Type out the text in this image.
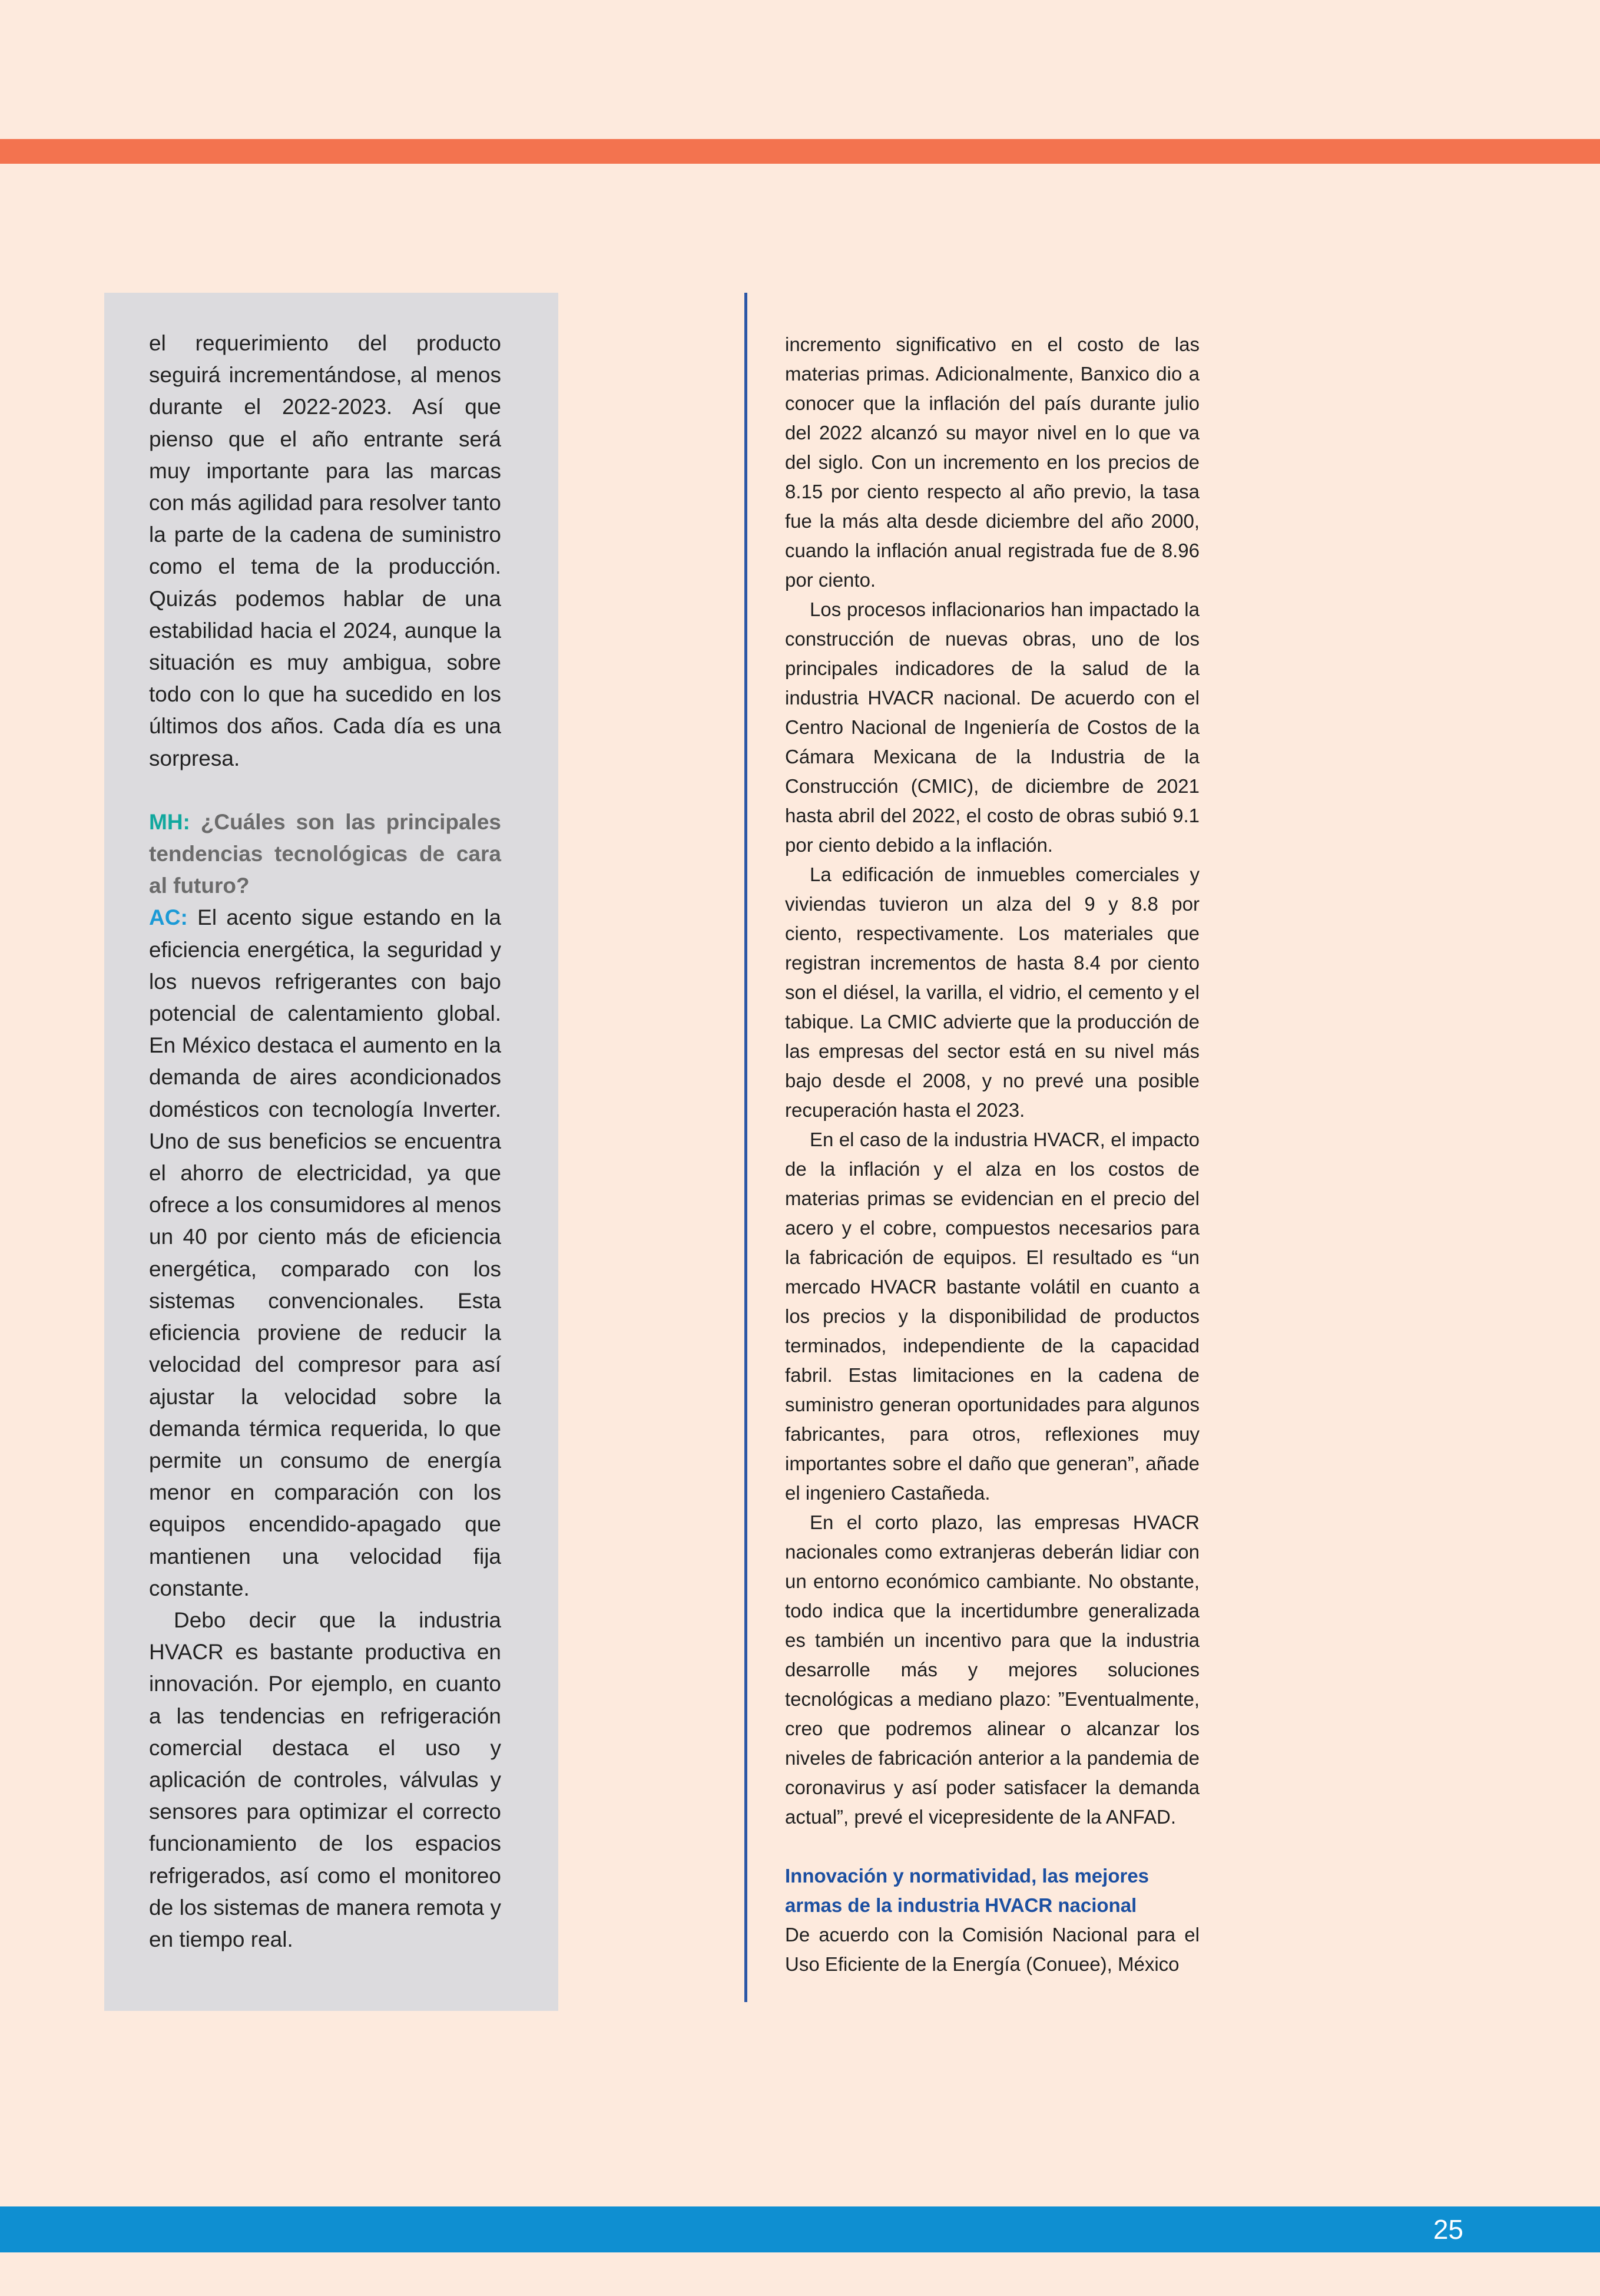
el requerimiento del producto seguirá incrementándose, al menos durante el 2022-2023. Así que pienso que el año entrante será muy importante para las marcas con más agilidad para resolver tanto la parte de la cadena de suministro como el tema de la producción. Quizás podemos hablar de una estabilidad hacia el 2024, aunque la situación es muy ambigua, sobre todo con lo que ha sucedido en los últimos dos años. Cada día es una sorpresa.

MH: ¿Cuáles son las principales tendencias tecnológicas de cara al futuro?

AC: El acento sigue estando en la eficiencia energética, la seguridad y los nuevos refrigerantes con bajo potencial de calentamiento global. En México destaca el aumento en la demanda de aires acondicionados domésticos con tecnología Inverter. Uno de sus beneficios se encuentra el ahorro de electricidad, ya que ofrece a los consumidores al menos un 40 por ciento más de eficiencia energética, comparado con los sistemas convencionales. Esta eficiencia proviene de reducir la velocidad del compresor para así ajustar la velocidad sobre la demanda térmica requerida, lo que permite un consumo de energía menor en comparación con los equipos encendido-apagado que mantienen una velocidad fija constante.

Debo decir que la industria HVACR es bastante productiva en innovación. Por ejemplo, en cuanto a las tendencias en refrigeración comercial destaca el uso y aplicación de controles, válvulas y sensores para optimizar el correcto funcionamiento de los espacios refrigerados, así como el monitoreo de los sistemas de manera remota y en tiempo real.

incremento significativo en el costo de las materias primas. Adicionalmente, Banxico dio a conocer que la inflación del país durante julio del 2022 alcanzó su mayor nivel en lo que va del siglo. Con un incremento en los precios de 8.15 por ciento respecto al año previo, la tasa fue la más alta desde diciembre del año 2000, cuando la inflación anual registrada fue de 8.96 por ciento.

Los procesos inflacionarios han impactado la construcción de nuevas obras, uno de los principales indicadores de la salud de la industria HVACR nacional. De acuerdo con el Centro Nacional de Ingeniería de Costos de la Cámara Mexicana de la Industria de la Construcción (CMIC), de diciembre de 2021 hasta abril del 2022, el costo de obras subió 9.1 por ciento debido a la inflación.

La edificación de inmuebles comerciales y viviendas tuvieron un alza del 9 y 8.8 por ciento, respectivamente. Los materiales que registran incrementos de hasta 8.4 por ciento son el diésel, la varilla, el vidrio, el cemento y el tabique. La CMIC advierte que la producción de las empresas del sector está en su nivel más bajo desde el 2008, y no prevé una posible recuperación hasta el 2023.

En el caso de la industria HVACR, el impacto de la inflación y el alza en los costos de materias primas se evidencian en el precio del acero y el cobre, compuestos necesarios para la fabricación de equipos. El resultado es “un mercado HVACR bastante volátil en cuanto a los precios y la disponibilidad de productos terminados, independiente de la capacidad fabril. Estas limitaciones en la cadena de suministro generan oportunidades para algunos fabricantes, para otros, reflexiones muy importantes sobre el daño que generan”, añade el ingeniero Castañeda.

En el corto plazo, las empresas HVACR nacionales como extranjeras deberán lidiar con un entorno económico cambiante. No obstante, todo indica que la incertidumbre generalizada es también un incentivo para que la industria desarrolle más y mejores soluciones tecnológicas a mediano plazo: ”Eventualmente, creo que podremos alinear o alcanzar los niveles de fabricación anterior a la pandemia de coronavirus y así poder satisfacer la demanda actual”, prevé el vicepresidente de la ANFAD.

Innovación y normatividad, las mejores
armas de la industria HVACR nacional

De acuerdo con la Comisión Nacional para el Uso Eficiente de la Energía (Conuee), México

25
